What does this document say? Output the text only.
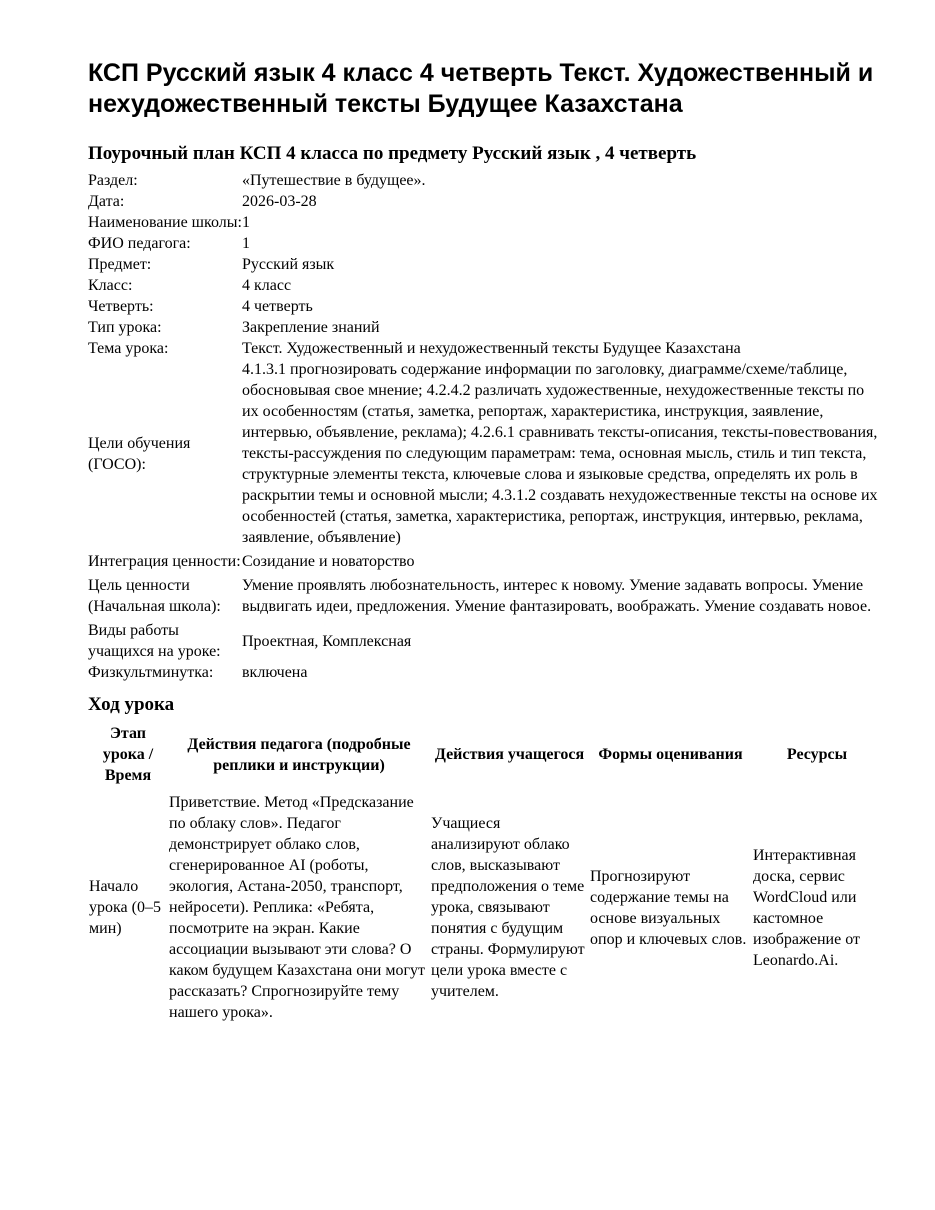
КСП Русский язык 4 класс 4 четверть Текст. Художественный и нехудожественный тексты Будущее Казахстана
Поурочный план КСП 4 класса по предмету Русский язык , 4 четверть
Раздел:	«Путешествие в будущее».
Дата:	2026-03-28
Наименование школы:	1
ФИО педагога:	1
Предмет:	Русский язык
Класс:	4 класс
Четверть:	4 четверть
Тип урока:	Закрепление знаний
Тема урока:	Текст. Художественный и нехудожественный тексты Будущее Казахстана
Цели обучения (ГОСО):	4.1.3.1 прогнозировать содержание информации по заголовку, диаграмме/схеме/таблице, обосновывая свое мнение; 4.2.4.2 различать художественные, нехудожественные тексты по их особенностям (статья, заметка, репортаж, характеристика, инструкция, заявление, интервью, объявление, реклама); 4.2.6.1 сравнивать тексты-описания, тексты-повествования, тексты-рассуждения по следующим параметрам: тема, основная мысль, стиль и тип текста, структурные элементы текста, ключевые слова и языковые средства, определять их роль в раскрытии темы и основной мысли; 4.3.1.2 создавать нехудожественные тексты на основе их особенностей (статья, заметка, характеристика, репортаж, инструкция, интервью, реклама, заявление, объявление)
Интеграция ценности:	Созидание и новаторство
Цель ценности (Начальная школа):	Умение проявлять любознательность, интерес к новому. Умение задавать вопросы. Умение выдвигать идеи, предложения. Умение фантазировать, воображать. Умение создавать новое.
Виды работы учащихся на уроке:	Проектная, Комплексная
Физкультминутка:	включена
Ход урока
Этап урока / Время	Действия педагога (подробные реплики и инструкции)	Действия учащегося	Формы оценивания	Ресурсы
Начало урока (0–5 мин)	Приветствие. Метод «Предсказание по облаку слов». Педагог демонстрирует облако слов, сгенерированное AI (роботы, экология, Астана-2050, транспорт, нейросети). Реплика: «Ребята, посмотрите на экран. Какие ассоциации вызывают эти слова? О каком будущем Казахстана они могут рассказать? Спрогнозируйте тему нашего урока».	Учащиеся анализируют облако слов, высказывают предположения о теме урока, связывают понятия с будущим страны. Формулируют цели урока вместе с учителем.	Прогнозируют содержание темы на основе визуальных опор и ключевых слов.	Интерактивная доска, сервис WordCloud или кастомное изображение от Leonardo.Ai.
